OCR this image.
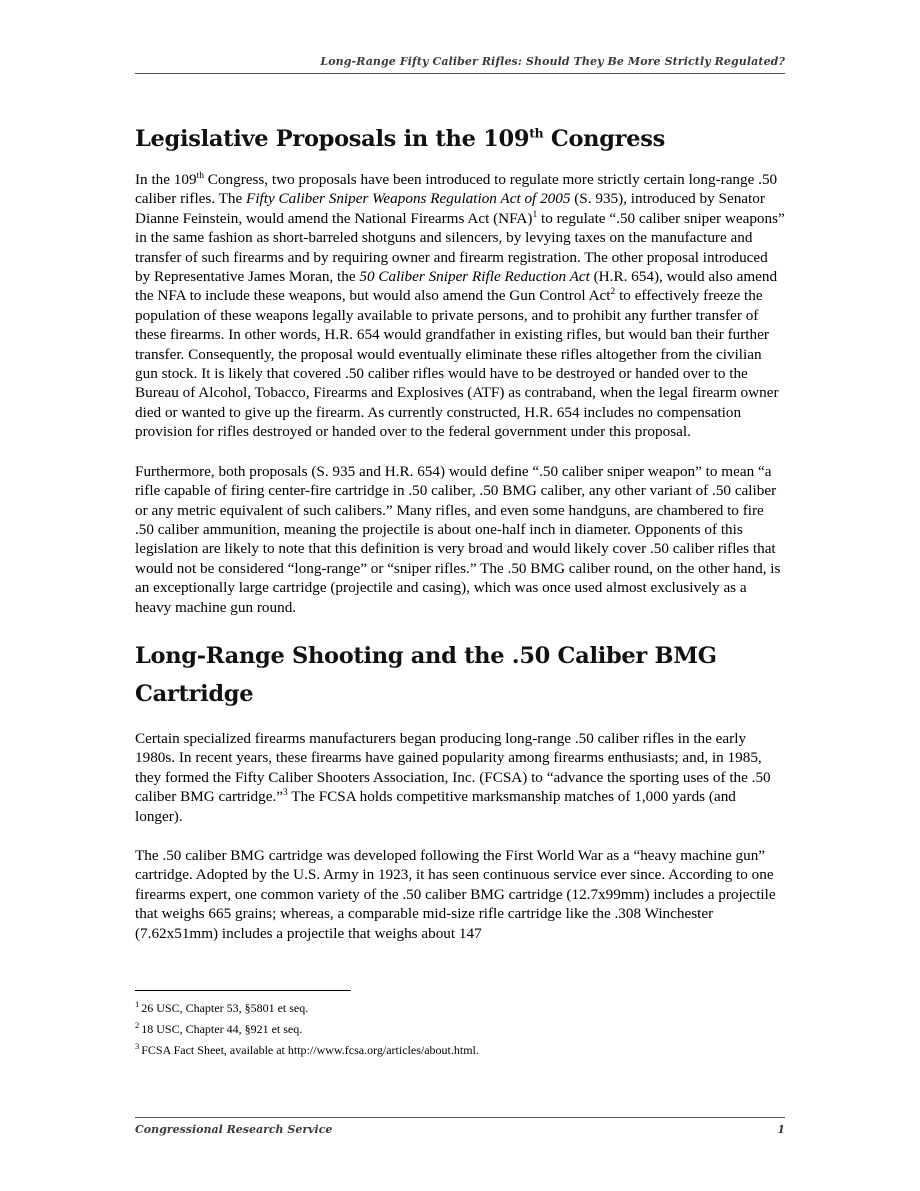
Long-Range Fifty Caliber Rifles: Should They Be More Strictly Regulated?
Legislative Proposals in the 109th Congress

In the 109th Congress, two proposals have been introduced to regulate more strictly certain long-range .50 caliber rifles. The Fifty Caliber Sniper Weapons Regulation Act of 2005 (S. 935), introduced by Senator Dianne Feinstein, would amend the National Firearms Act (NFA)$^1$ to regulate “.50 caliber sniper weapons” in the same fashion as short-barreled shotguns and silencers, by levying taxes on the manufacture and transfer of such firearms and by requiring owner and firearm registration. The other proposal introduced by Representative James Moran, the 50 Caliber Sniper Rifle Reduction Act (H.R. 654), would also amend the NFA to include these weapons, but would also amend the Gun Control Act$^2$ to effectively freeze the population of these weapons legally available to private persons, and to prohibit any further transfer of these firearms. In other words, H.R. 654 would grandfather in existing rifles, but would ban their further transfer. Consequently, the proposal would eventually eliminate these rifles altogether from the civilian gun stock. It is likely that covered .50 caliber rifles would have to be destroyed or handed over to the Bureau of Alcohol, Tobacco, Firearms and Explosives (ATF) as contraband, when the legal firearm owner died or wanted to give up the firearm. As currently constructed, H.R. 654 includes no compensation provision for rifles destroyed or handed over to the federal government under this proposal.

Furthermore, both proposals (S. 935 and H.R. 654) would define “.50 caliber sniper weapon” to mean “a rifle capable of firing center-fire cartridge in .50 caliber, .50 BMG caliber, any other variant of .50 caliber or any metric equivalent of such calibers.” Many rifles, and even some handguns, are chambered to fire .50 caliber ammunition, meaning the projectile is about one-half inch in diameter. Opponents of this legislation are likely to note that this definition is very broad and would likely cover .50 caliber rifles that would not be considered “long-range” or “sniper rifles.” The .50 BMG caliber round, on the other hand, is an exceptionally large cartridge (projectile and casing), which was once used almost exclusively as a heavy machine gun round.

Long-Range Shooting and the .50 Caliber BMG
Cartridge

Certain specialized firearms manufacturers began producing long-range .50 caliber rifles in the early 1980s. In recent years, these firearms have gained popularity among firearms enthusiasts; and, in 1985, they formed the Fifty Caliber Shooters Association, Inc. (FCSA) to “advance the sporting uses of the .50 caliber BMG cartridge.”$^3$ The FCSA holds competitive marksmanship matches of 1,000 yards (and longer).

The .50 caliber BMG cartridge was developed following the First World War as a “heavy machine gun” cartridge. Adopted by the U.S. Army in 1923, it has seen continuous service ever since. According to one firearms expert, one common variety of the .50 caliber BMG cartridge (12.7x99mm) includes a projectile that weighs 665 grains; whereas, a comparable mid-size rifle cartridge like the .308 Winchester (7.62x51mm) includes a projectile that weighs about 147

$^1$ 26 USC, Chapter 53, §5801 et seq.
$^2$ 18 USC, Chapter 44, §921 et seq.
$^3$ FCSA Fact Sheet, available at http://www.fcsa.org/articles/about.html.
Congressional Research Service	1
